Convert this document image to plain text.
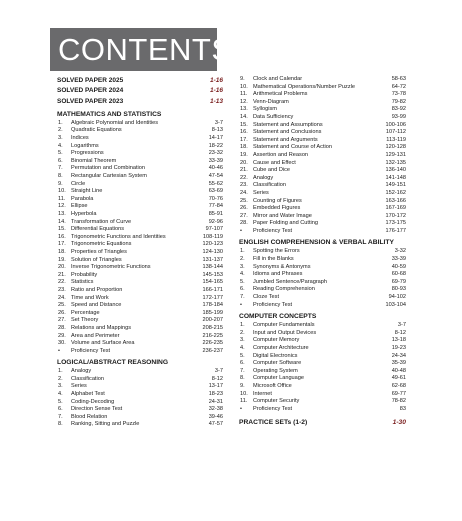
CONTENTS
SOLVED PAPER 2025	1-16
SOLVED PAPER 2024	1-16
SOLVED PAPER 2023	1-13
MATHEMATICS AND STATISTICS
1.	Algebraic Polynomial and Identities	3-7
2.	Quadratic Equations	8-13
3.	Indices	14-17
4.	Logarithms	18-22
5.	Progressions	23-32
6.	Binomial Theorem	33-39
7.	Permutation and Combination	40-46
8.	Rectangular Cartesian System	47-54
9.	Circle	55-62
10. Straight Line	63-69
11.	Parabola	70-76
12. Ellipse	77-84
13. Hyperbola	85-91
14. Transformation of Curve	92-96
15. Differential Equations	97-107
16. Trigonometric Functions and Identities	108-119
17. Trigonometric Equations	120-123
18. Properties of Triangles	124-130
19. Solution of Triangles	131-137
20. Inverse Trigonometric Functions	138-144
21. Probability	145-153
22. Statistics	154-165
23. Ratio and Proportion	166-171
24. Time and Work	172-177
25. Speed and Distance	178-184
26. Percentage	185-199
27. Set Theory	200-207
28. Relations and Mappings	208-215
29. Area and Perimeter	216-225
30. Volume and Surface Area	226-235
•	Proficiency Test	236-237
LOGICAL/ABSTRACT REASONING
1.	Analogy	3-7
2.	Classification	8-12
3.	Series	13-17
4.	Alphabet Test	18-23
5.	Coding-Decoding	24-31
6.	Direction Sense Test	32-38
7.	Blood Relation	39-46
8.	Ranking, Sitting and Puzzle	47-57
9.	Clock and Calendar	58-63
10. Mathematical Operations/Number Puzzle	64-72
11.	Arithmetical Problems	73-78
12. Venn-Diagram	79-82
13. Syllogism	83-92
14. Data Sufficiency	93-99
15. Statement and Assumptions	100-106
16. Statement and Conclusions	107-112
17. Statement and Arguments	113-119
18. Statement and Course of Action	120-128
19. Assertion and Reason	129-131
20. Cause and Effect	132-135
21. Cube and Dice	136-140
22. Analogy	141-148
23. Classification	149-151
24. Series	152-162
25. Counting of Figures	163-166
26. Embedded Figures	167-169
27. Mirror and Water Image	170-172
28. Paper Folding and Cutting	173-175
•	Proficiency Test	176-177
ENGLISH COMPREHENSION & VERBAL ABILITY
1.	Spotting the Errors	3-32
2.	Fill in the Blanks	33-39
3.	Synonyms & Antonyms	40-59
4.	Idioms and Phrases	60-68
5.	Jumbled Sentence/Paragraph	69-79
6.	Reading Comprehension	80-93
7.	Cloze Test	94-102
•	Proficiency Test	103-104
COMPUTER CONCEPTS
1.	Computer Fundamentals	3-7
2.	Input and Output Devices	8-12
3.	Computer Memory	13-18
4.	Computer Architecture	19-23
5.	Digital Electronics	24-34
6.	Computer Software	35-39
7.	Operating System	40-48
8.	Computer Language	49-61
9.	Microsoft Office	62-68
10. Internet	69-77
11.	Computer Security	78-82
•	Proficiency Test	83
PRACTICE SETs (1-2)	1-30
